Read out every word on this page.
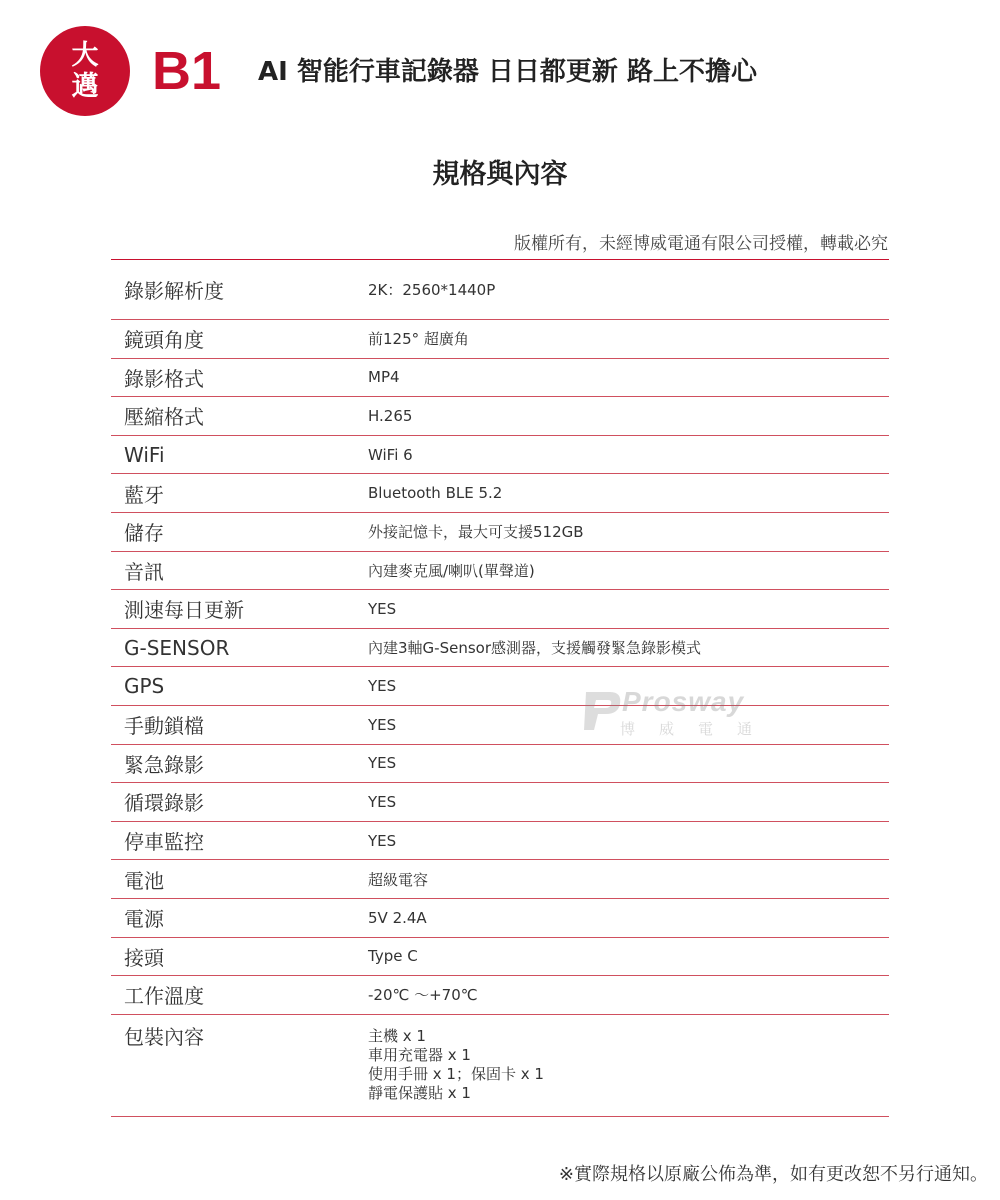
大
邁 B1 AI 智能行車記錄器 日日都更新 路上不擔心
規格與內容
版權所有，未經博威電通有限公司授權，轉載必究
錄影解析度	2K：2560*1440P
鏡頭角度	前125° 超廣角
錄影格式	MP4
壓縮格式	H.265
WiFi	WiFi 6
藍牙	Bluetooth BLE 5.2
儲存	外接記憶卡，最大可支援512GB
音訊	內建麥克風/喇叭(單聲道)
測速每日更新	YES
G-SENSOR	內建3軸G-Sensor感測器，支援觸發緊急錄影模式
GPS	YES
手動鎖檔	YES
緊急錄影	YES
循環錄影	YES
停車監控	YES
電池	超級電容
電源	5V 2.4A
接頭	Type C
工作溫度	-20℃ ～+70℃
包裝內容	主機 x 1
車用充電器 x 1
使用手冊 x 1；保固卡 x 1
靜電保護貼 x 1
Prosway
博威電通
※實際規格以原廠公佈為準，如有更改恕不另行通知。
